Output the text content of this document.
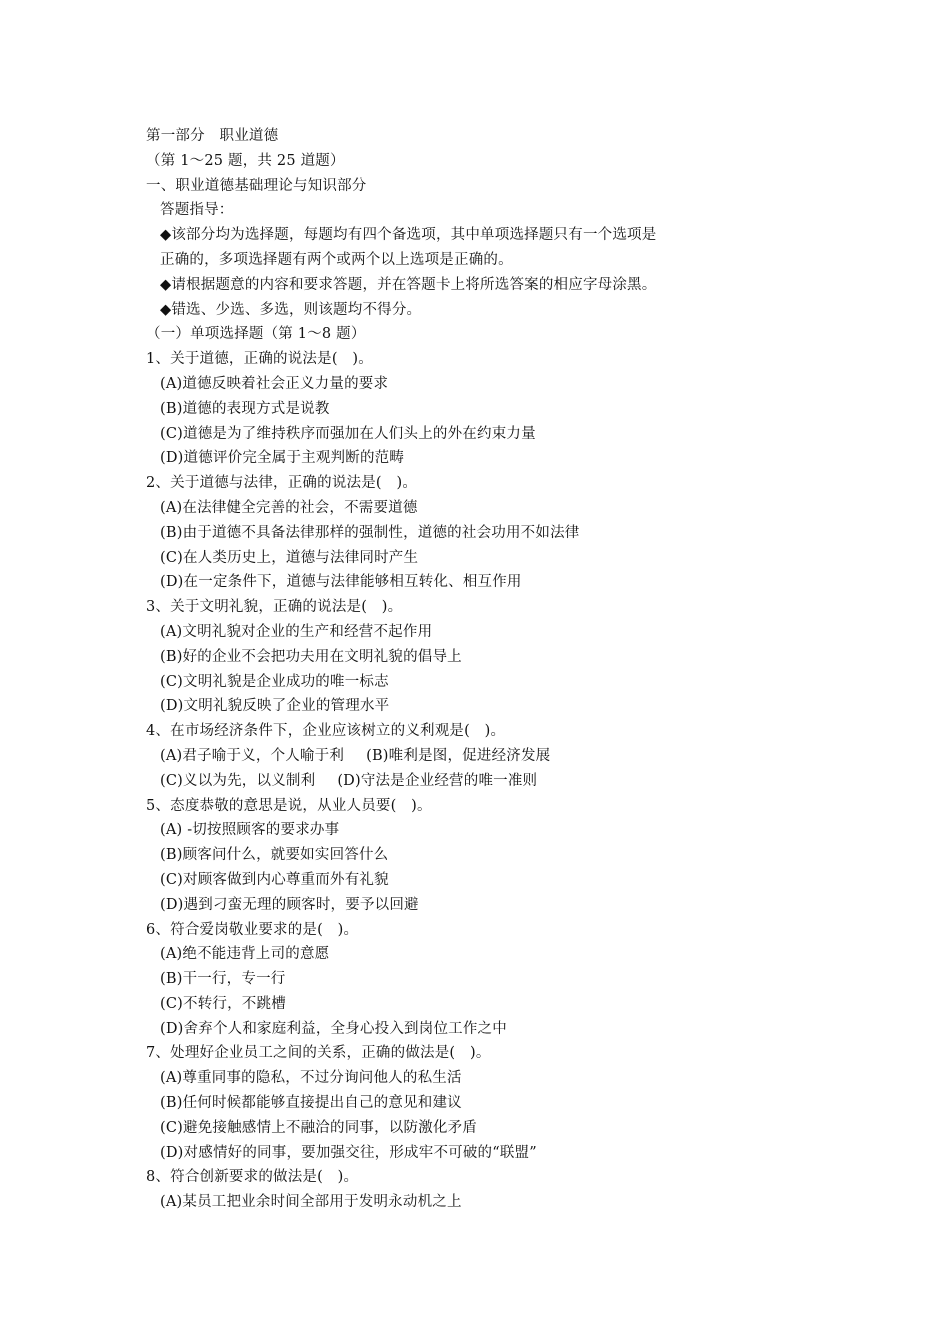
第一部分　职业道德
（第 1～25 题，共 25 道题）
一、职业道德基础理论与知识部分
答题指导：
◆该部分均为选择题，每题均有四个备选项，其中单项选择题只有一个选项是
正确的，多项选择题有两个或两个以上选项是正确的。
◆请根据题意的内容和要求答题，并在答题卡上将所选答案的相应字母涂黑。
◆错选、少选、多选，则该题均不得分。
（一）单项选择题（第 1～8 题）
1、关于道德，正确的说法是(　)。
(A)道德反映着社会正义力量的要求
(B)道德的表现方式是说教
(C)道德是为了维持秩序而强加在人们头上的外在约束力量
(D)道德评价完全属于主观判断的范畴
2、关于道德与法律，正确的说法是(　)。
(A)在法律健全完善的社会，不需要道德
(B)由于道德不具备法律那样的强制性，道德的社会功用不如法律
(C)在人类历史上，道德与法律同时产生
(D)在一定条件下，道德与法律能够相互转化、相互作用
3、关于文明礼貌，正确的说法是(　)。
(A)文明礼貌对企业的生产和经营不起作用
(B)好的企业不会把功夫用在文明礼貌的倡导上
(C)文明礼貌是企业成功的唯一标志
(D)文明礼貌反映了企业的管理水平
4、在市场经济条件下，企业应该树立的义利观是(　)。
(A)君子喻于义，个人喻于利 (B)唯利是图，促进经济发展
(C)义以为先，以义制利 (D)守法是企业经营的唯一准则
5、态度恭敬的意思是说，从业人员要(　)。
(A) -切按照顾客的要求办事
(B)顾客问什么，就要如实回答什么
(C)对顾客做到内心尊重而外有礼貌
(D)遇到刁蛮无理的顾客时，要予以回避
6、符合爱岗敬业要求的是(　)。
(A)绝不能违背上司的意愿
(B)干一行，专一行
(C)不转行，不跳槽
(D)舍弃个人和家庭利益，全身心投入到岗位工作之中
7、处理好企业员工之间的关系，正确的做法是(　)。
(A)尊重同事的隐私，不过分询问他人的私生活
(B)任何时候都能够直接提出自己的意见和建议
(C)避免接触感情上不融洽的同事，以防激化矛盾
(D)对感情好的同事，要加强交往，形成牢不可破的“联盟”
8、符合创新要求的做法是(　)。
(A)某员工把业余时间全部用于发明永动机之上
